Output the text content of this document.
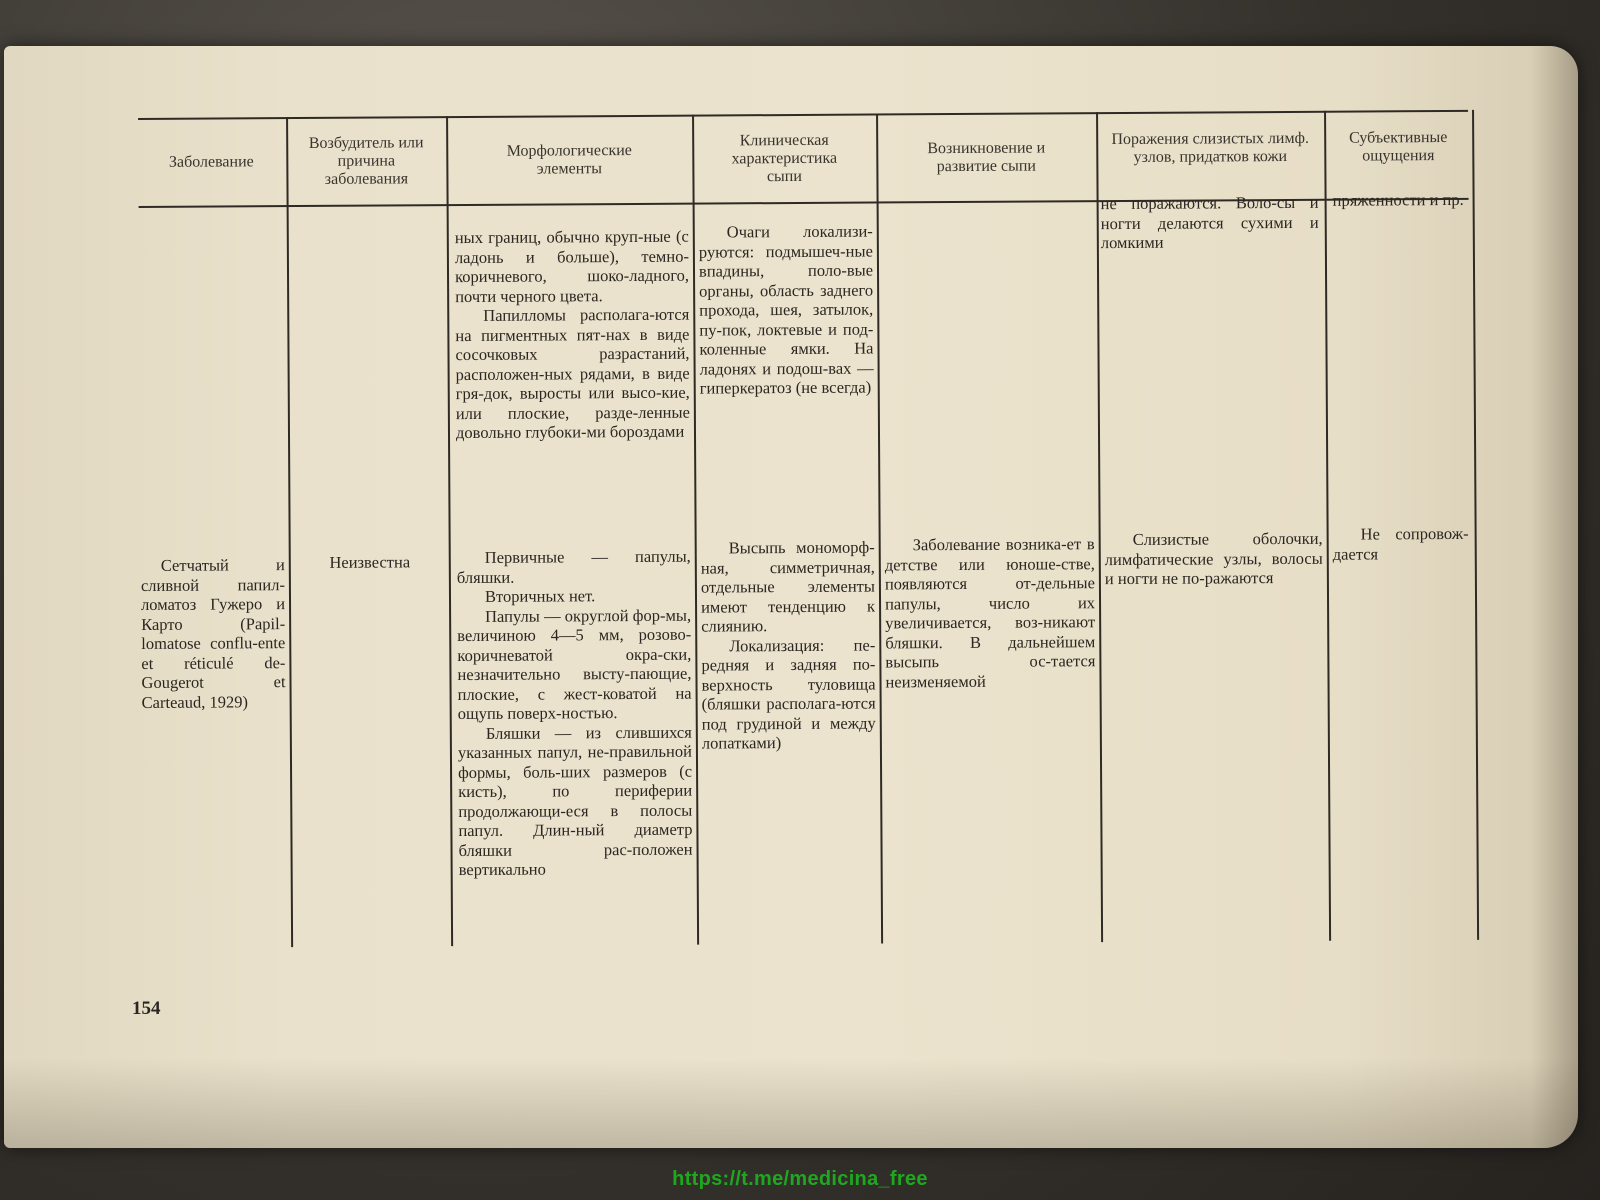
Заболевание
Возбудитель или причина заболевания
Морфологические элементы
Клиническая характеристика сыпи
Возникновение и развитие сыпи
Поражения слизистых лимф. узлов, придатков кожи
Субъективные ощущения

ных границ, обычно круп-ные (с ладонь и больше), темно-коричневого, шоко-ладного, почти черного цвета.

Папилломы располага-ются на пигментных пят-нах в виде сосочковых разрастаний, расположен-ных рядами, в виде гря-док, выросты или высо-кие, или плоские, разде-ленные довольно глубоки-ми бороздами

Очаги локализи-руются: подмышеч-ные впадины, поло-вые органы, область заднего прохода, шея, затылок, пу-пок, локтевые и под-коленные ямки. На ладонях и подош-вах — гиперкератоз (не всегда)

не поражаются. Воло-сы и ногти делаются сухими и ломкими

пряженности и пр.

Сетчатый и сливной папил-ломатоз Гужеро и Карто (Papil-lomatose conflu-ente et réticulé de-Gougerot et Carteaud, 1929)

Неизвестна	Первичные — папулы, бляшки.

Вторичных нет.

Папулы — округлой фор-мы, величиною 4—5 мм, розово-коричневатой окра-ски, незначительно высту-пающие, плоские, с жест-коватой на ощупь поверх-ностью.

Бляшки — из слившихся указанных папул, не-правильной формы, боль-ших размеров (с кисть), по периферии продолжающи-еся в полосы папул. Длин-ный диаметр бляшки рас-положен вертикально

Высыпь мономорф-ная, симметричная, отдельные элементы имеют тенденцию к слиянию.

Локализация: пе-редняя и задняя по-верхность туловища (бляшки располага-ются под грудиной и между лопатками)

Заболевание возника-ет в детстве или юноше-стве, появляются от-дельные папулы, число их увеличивается, воз-никают бляшки. В дальнейшем высыпь ос-тается неизменяемой

Слизистые оболочки, лимфатические узлы, волосы и ногти не по-ражаются

Не сопровож-дается

154
https://t.me/medicina_free
